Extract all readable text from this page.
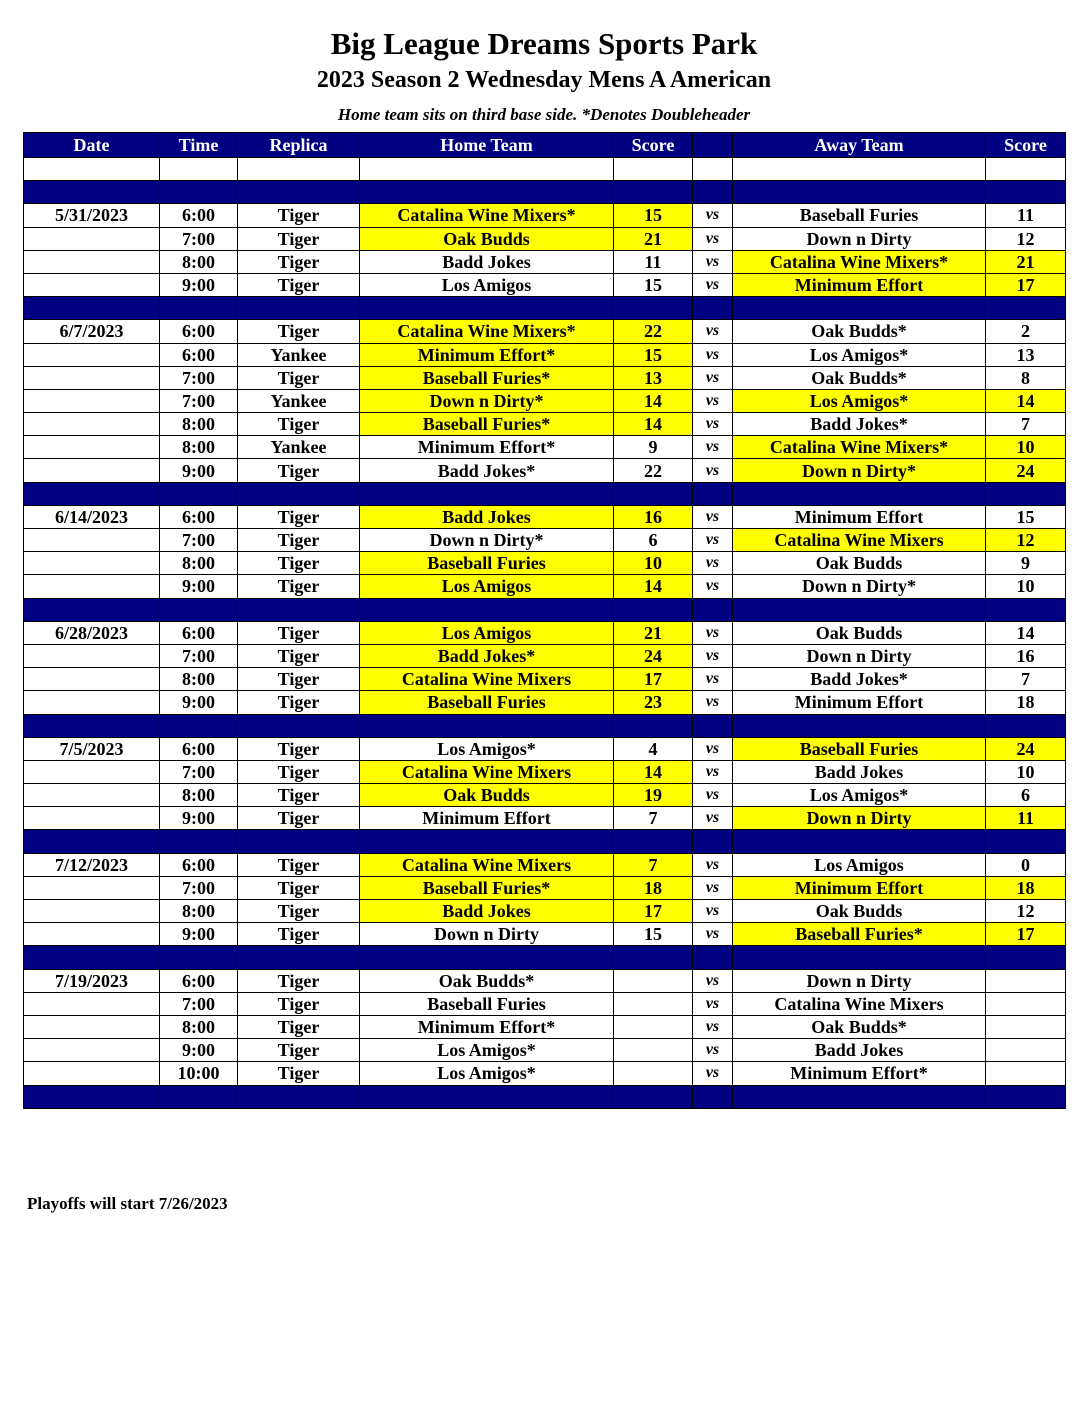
Big League Dreams Sports Park
2023 Season 2 Wednesday Mens A American
Home team sits on third base side. *Denotes Doubleheader
Date	Time	Replica	Home Team	Score		Away Team	Score

5/31/2023	6:00	Tiger	Catalina Wine Mixers*	15	vs	Baseball Furies	11
	7:00	Tiger	Oak Budds	21	vs	Down n Dirty	12
	8:00	Tiger	Badd Jokes	11	vs	Catalina Wine Mixers*	21
	9:00	Tiger	Los Amigos	15	vs	Minimum Effort	17

6/7/2023	6:00	Tiger	Catalina Wine Mixers*	22	vs	Oak Budds*	2
	6:00	Yankee	Minimum Effort*	15	vs	Los Amigos*	13
	7:00	Tiger	Baseball Furies*	13	vs	Oak Budds*	8
	7:00	Yankee	Down n Dirty*	14	vs	Los Amigos*	14
	8:00	Tiger	Baseball Furies*	14	vs	Badd Jokes*	7
	8:00	Yankee	Minimum Effort*	9	vs	Catalina Wine Mixers*	10
	9:00	Tiger	Badd Jokes*	22	vs	Down n Dirty*	24

6/14/2023	6:00	Tiger	Badd Jokes	16	vs	Minimum Effort	15
	7:00	Tiger	Down n Dirty*	6	vs	Catalina Wine Mixers	12
	8:00	Tiger	Baseball Furies	10	vs	Oak Budds	9
	9:00	Tiger	Los Amigos	14	vs	Down n Dirty*	10

6/28/2023	6:00	Tiger	Los Amigos	21	vs	Oak Budds	14
	7:00	Tiger	Badd Jokes*	24	vs	Down n Dirty	16
	8:00	Tiger	Catalina Wine Mixers	17	vs	Badd Jokes*	7
	9:00	Tiger	Baseball Furies	23	vs	Minimum Effort	18

7/5/2023	6:00	Tiger	Los Amigos*	4	vs	Baseball Furies	24
	7:00	Tiger	Catalina Wine Mixers	14	vs	Badd Jokes	10
	8:00	Tiger	Oak Budds	19	vs	Los Amigos*	6
	9:00	Tiger	Minimum Effort	7	vs	Down n Dirty	11

7/12/2023	6:00	Tiger	Catalina Wine Mixers	7	vs	Los Amigos	0
	7:00	Tiger	Baseball Furies*	18	vs	Minimum Effort	18
	8:00	Tiger	Badd Jokes	17	vs	Oak Budds	12
	9:00	Tiger	Down n Dirty	15	vs	Baseball Furies*	17

7/19/2023	6:00	Tiger	Oak Budds*		vs	Down n Dirty	
	7:00	Tiger	Baseball Furies		vs	Catalina Wine Mixers	
	8:00	Tiger	Minimum Effort*		vs	Oak Budds*	
	9:00	Tiger	Los Amigos*		vs	Badd Jokes	
	10:00	Tiger	Los Amigos*		vs	Minimum Effort*	

Playoffs will start 7/26/2023
